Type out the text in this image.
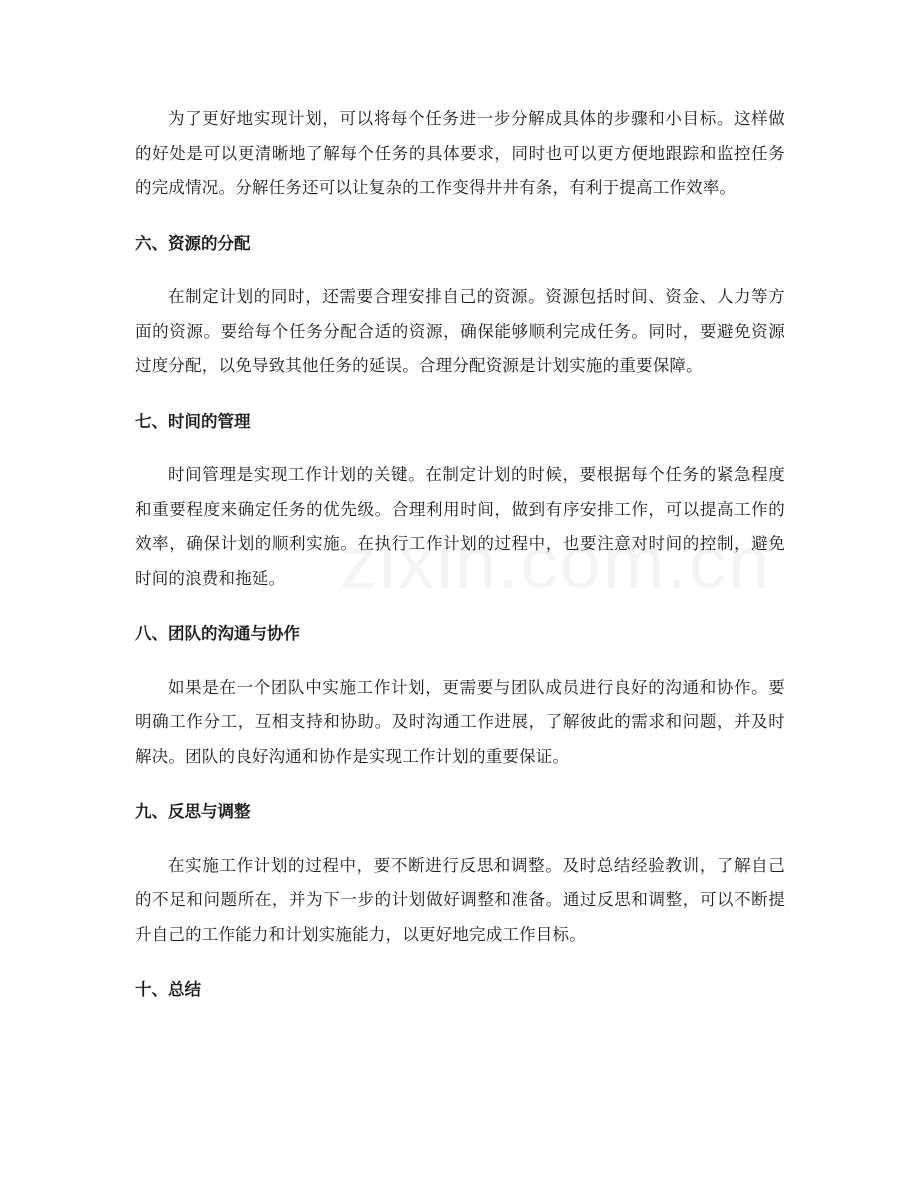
为了更好地实现计划，可以将每个任务进一步分解成具体的步骤和小目标。这样做的好处是可以更清晰地了解每个任务的具体要求，同时也可以更方便地跟踪和监控任务的完成情况。分解任务还可以让复杂的工作变得井井有条，有利于提高工作效率。

六、资源的分配

在制定计划的同时，还需要合理安排自己的资源。资源包括时间、资金、人力等方面的资源。要给每个任务分配合适的资源，确保能够顺利完成任务。同时，要避免资源过度分配，以免导致其他任务的延误。合理分配资源是计划实施的重要保障。

七、时间的管理

时间管理是实现工作计划的关键。在制定计划的时候，要根据每个任务的紧急程度和重要程度来确定任务的优先级。合理利用时间，做到有序安排工作，可以提高工作的效率，确保计划的顺利实施。在执行工作计划的过程中，也要注意对时间的控制，避免时间的浪费和拖延。

八、团队的沟通与协作

如果是在一个团队中实施工作计划，更需要与团队成员进行良好的沟通和协作。要明确工作分工，互相支持和协助。及时沟通工作进展，了解彼此的需求和问题，并及时解决。团队的良好沟通和协作是实现工作计划的重要保证。

九、反思与调整

在实施工作计划的过程中，要不断进行反思和调整。及时总结经验教训，了解自己的不足和问题所在，并为下一步的计划做好调整和准备。通过反思和调整，可以不断提升自己的工作能力和计划实施能力，以更好地完成工作目标。

十、总结
